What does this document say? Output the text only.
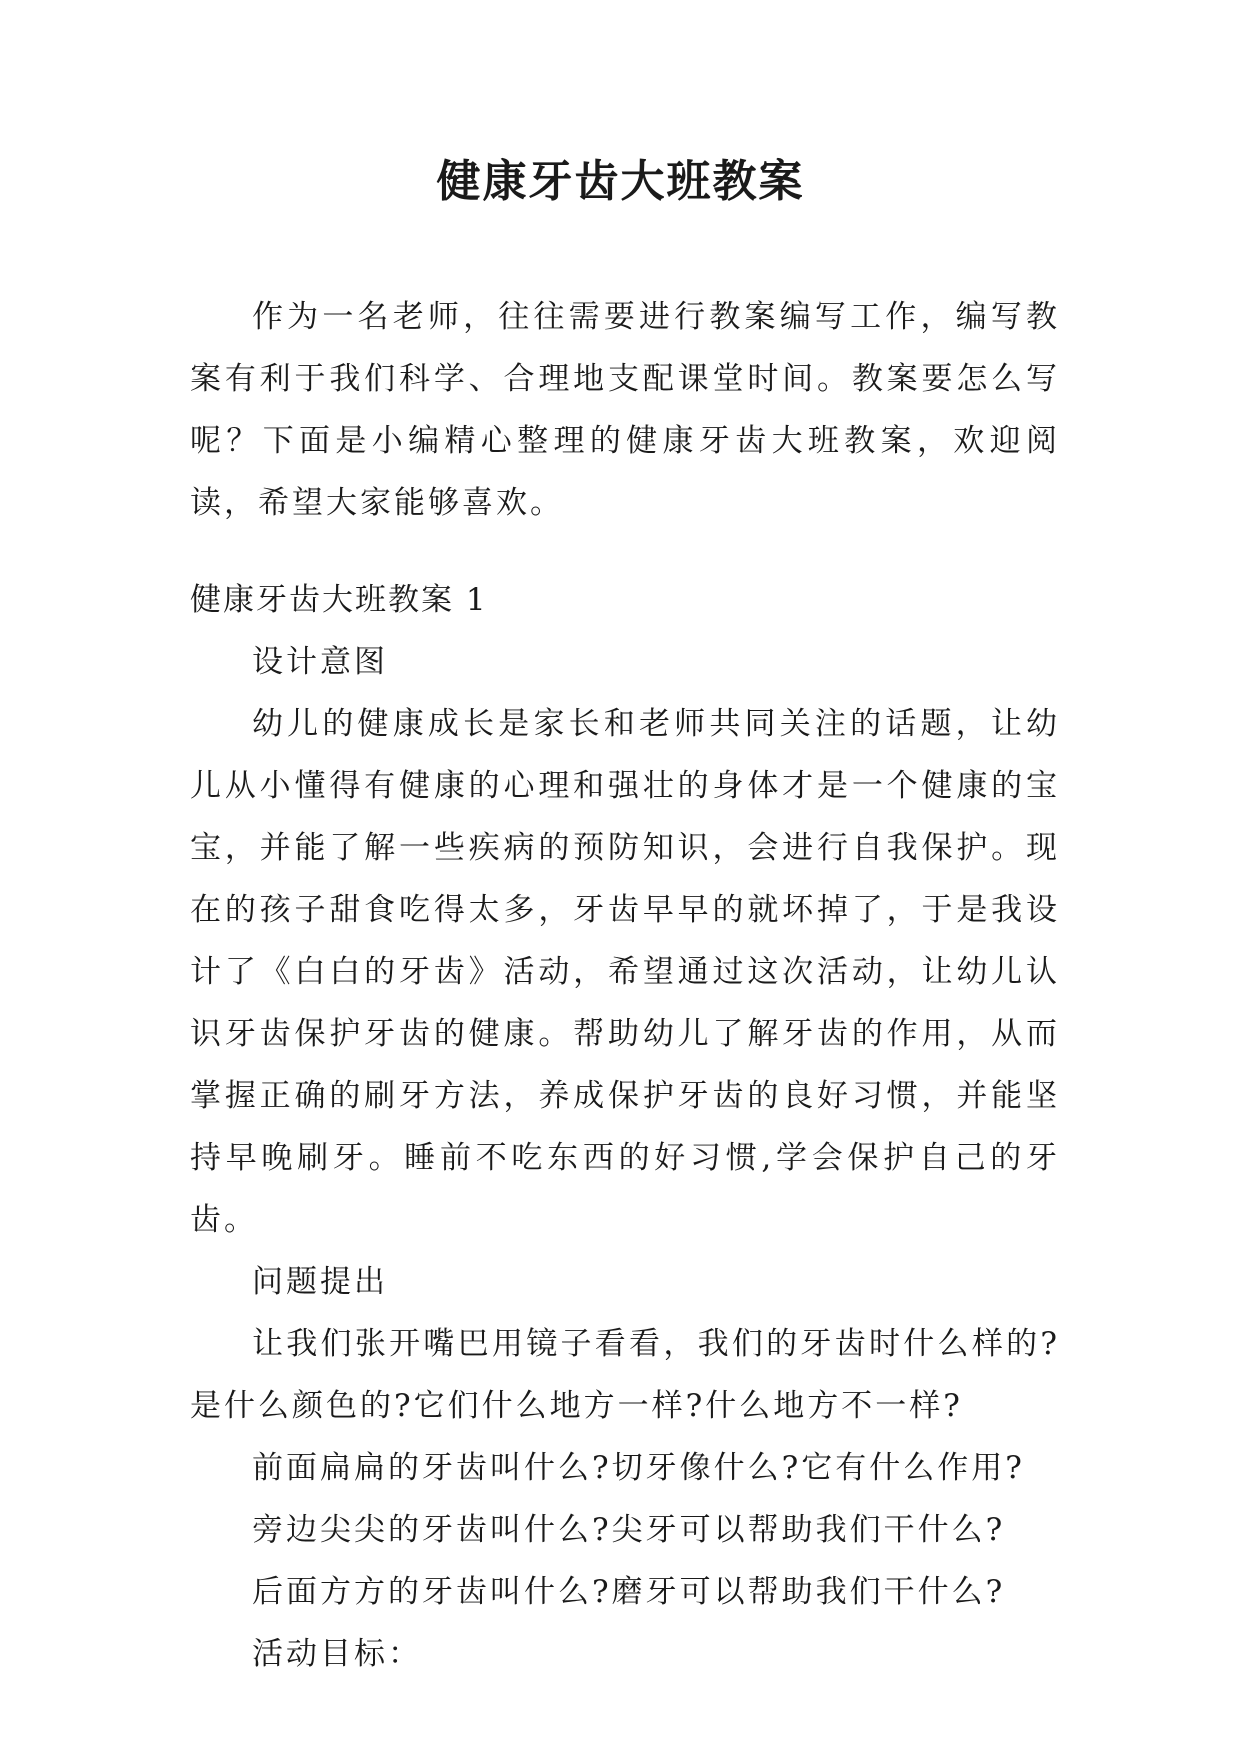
健康牙齿大班教案

作为一名老师，往往需要进行教案编写工作，编写教案有利于我们科学、合理地支配课堂时间。教案要怎么写呢？下面是小编精心整理的健康牙齿大班教案，欢迎阅读，希望大家能够喜欢。

健康牙齿大班教案 1

设计意图

幼儿的健康成长是家长和老师共同关注的话题，让幼儿从小懂得有健康的心理和强壮的身体才是一个健康的宝宝，并能了解一些疾病的预防知识，会进行自我保护。现在的孩子甜食吃得太多，牙齿早早的就坏掉了，于是我设计了《白白的牙齿》活动，希望通过这次活动，让幼儿认识牙齿保护牙齿的健康。帮助幼儿了解牙齿的作用，从而掌握正确的刷牙方法，养成保护牙齿的良好习惯，并能坚持早晚刷牙。睡前不吃东西的好习惯,学会保护自己的牙齿。

问题提出

让我们张开嘴巴用镜子看看，我们的牙齿时什么样的?是什么颜色的?它们什么地方一样?什么地方不一样?

前面扁扁的牙齿叫什么?切牙像什么?它有什么作用?

旁边尖尖的牙齿叫什么?尖牙可以帮助我们干什么?

后面方方的牙齿叫什么?磨牙可以帮助我们干什么?

活动目标：
